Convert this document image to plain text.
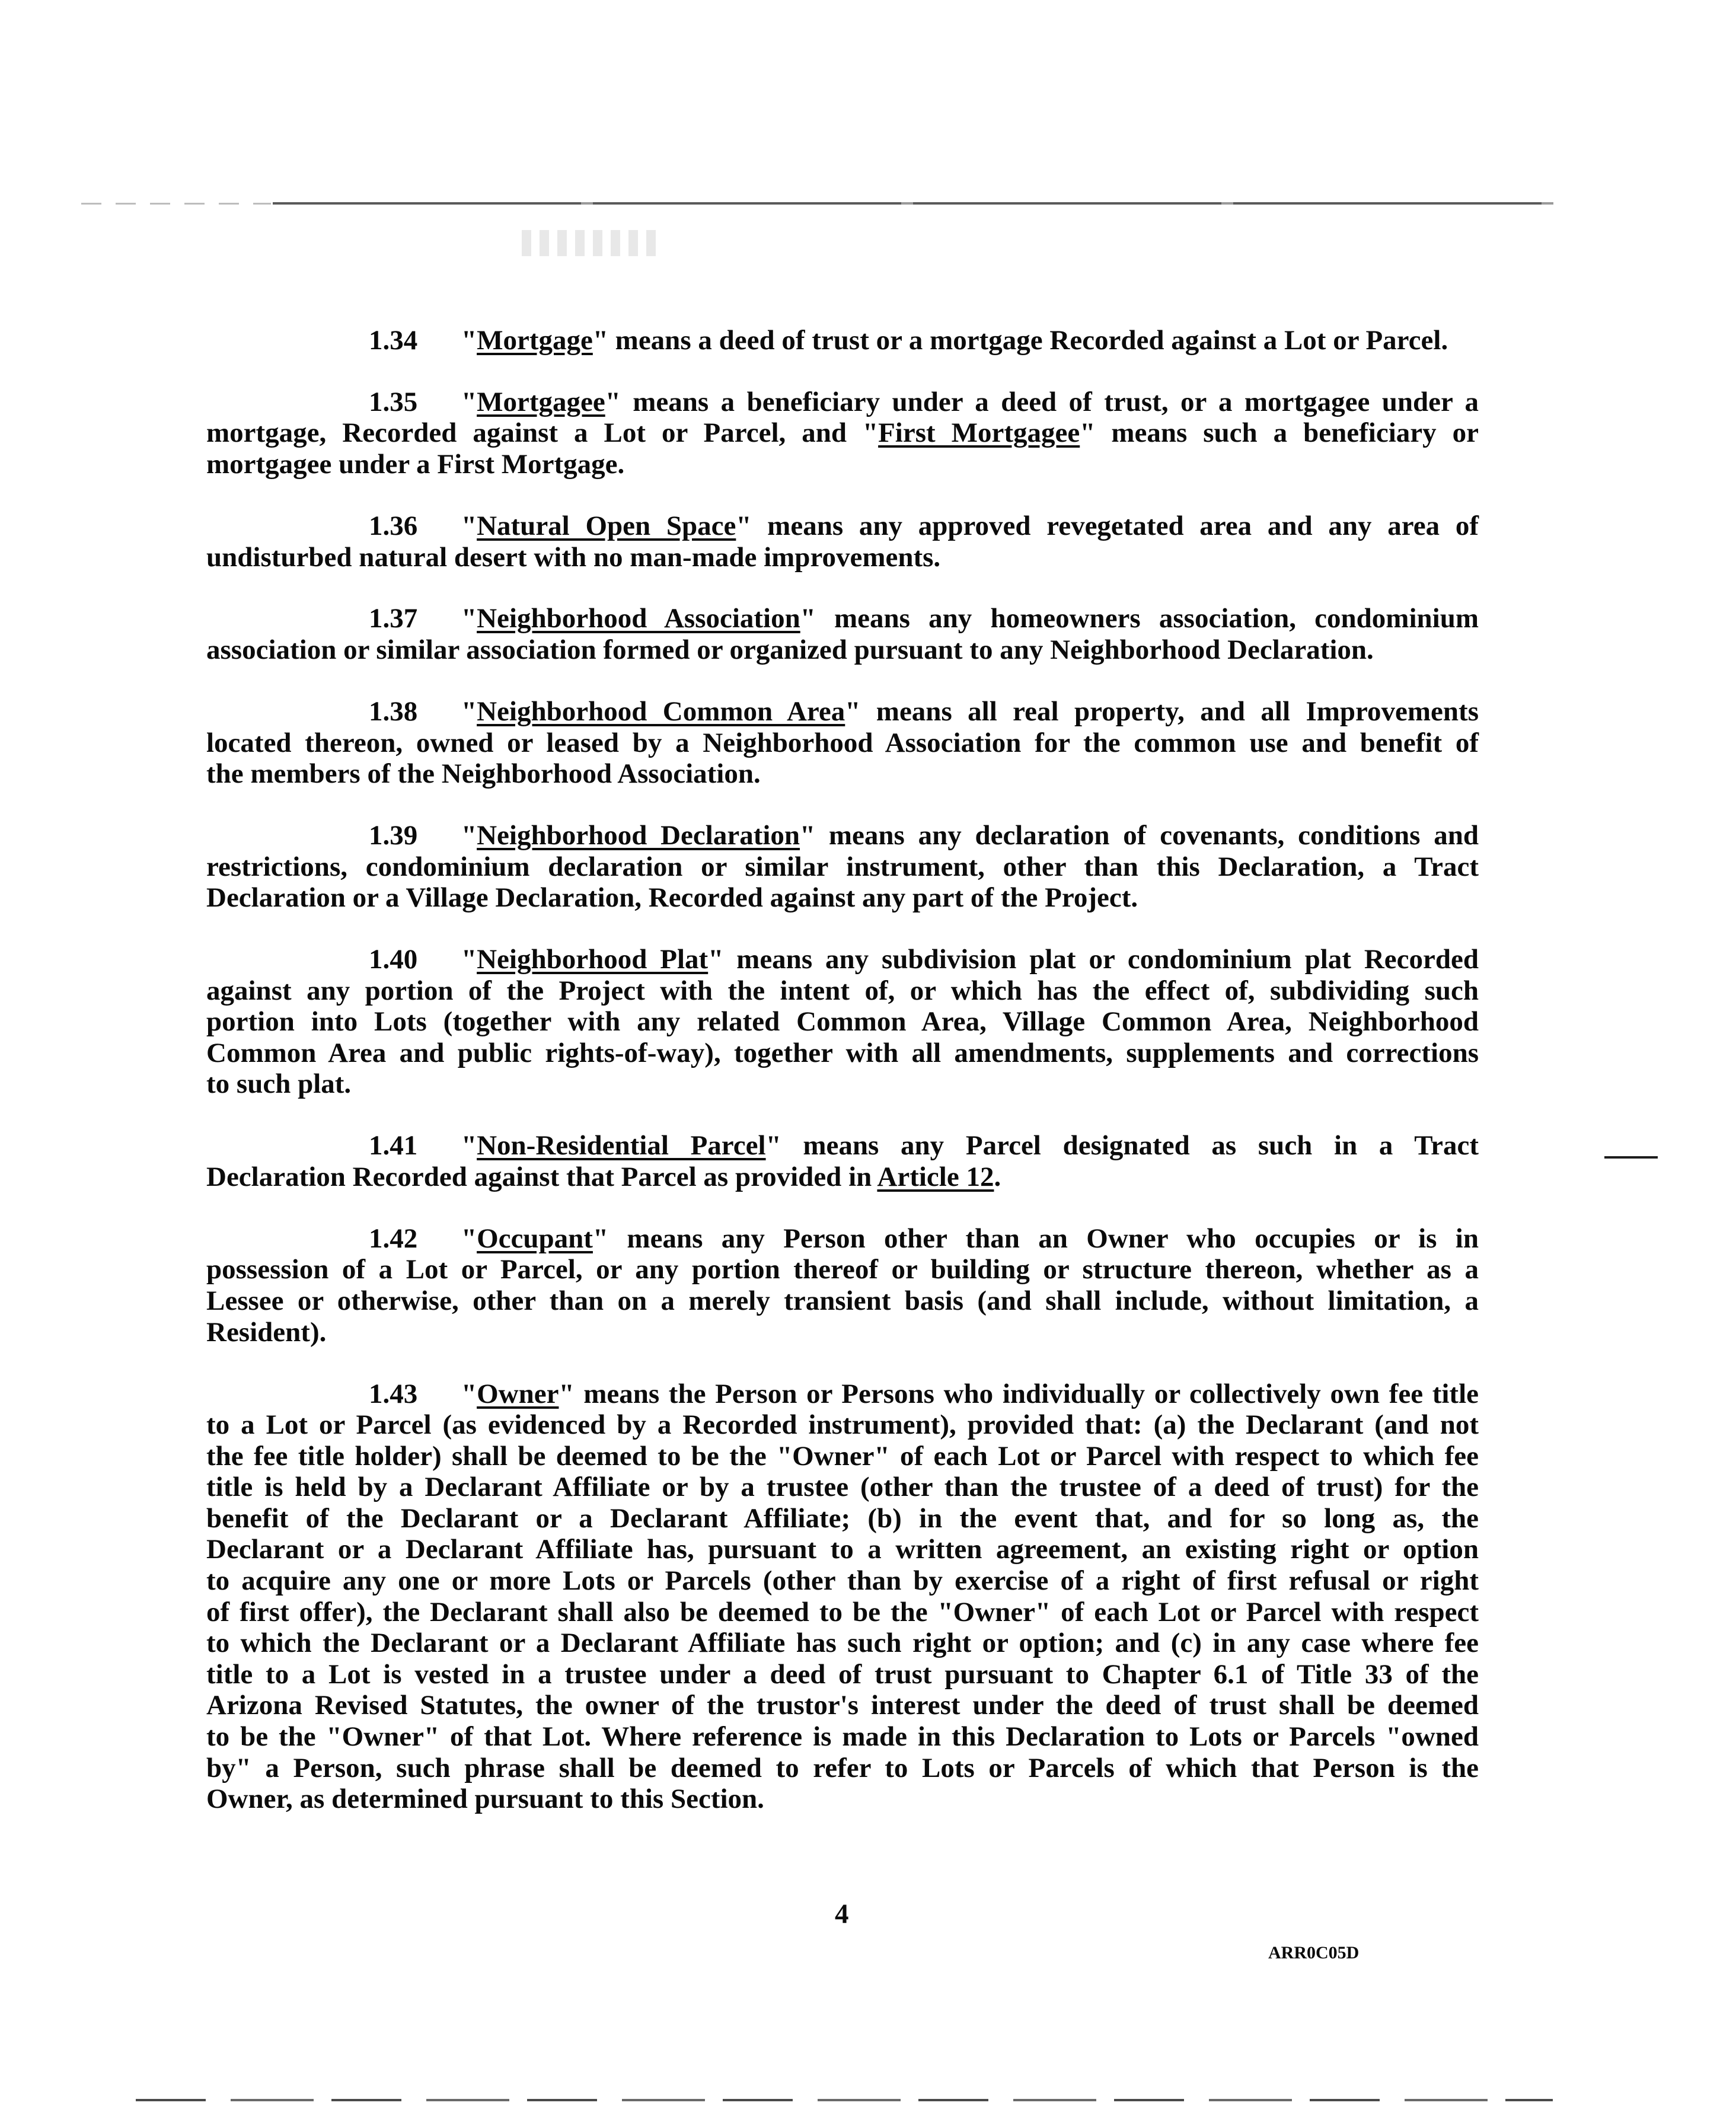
1.34 "Mortgage" means a deed of trust or a mortgage Recorded against a Lot or Parcel.
1.35 "Mortgagee" means a beneficiary under a deed of trust, or a mortgagee under a
mortgage, Recorded against a Lot or Parcel, and "First Mortgagee" means such a beneficiary or
mortgagee under a First Mortgage.
1.36 "Natural Open Space" means any approved revegetated area and any area of
undisturbed natural desert with no man-made improvements.
1.37 "Neighborhood Association" means any homeowners association, condominium
association or similar association formed or organized pursuant to any Neighborhood Declaration.
1.38 "Neighborhood Common Area" means all real property, and all Improvements
located thereon, owned or leased by a Neighborhood Association for the common use and benefit of
the members of the Neighborhood Association.
1.39 "Neighborhood Declaration" means any declaration of covenants, conditions and
restrictions, condominium declaration or similar instrument, other than this Declaration, a Tract
Declaration or a Village Declaration, Recorded against any part of the Project.
1.40 "Neighborhood Plat" means any subdivision plat or condominium plat Recorded
against any portion of the Project with the intent of, or which has the effect of, subdividing such
portion into Lots (together with any related Common Area, Village Common Area, Neighborhood
Common Area and public rights-of-way), together with all amendments, supplements and corrections
to such plat.
1.41 "Non-Residential Parcel" means any Parcel designated as such in a Tract
Declaration Recorded against that Parcel as provided in Article 12.
1.42 "Occupant" means any Person other than an Owner who occupies or is in
possession of a Lot or Parcel, or any portion thereof or building or structure thereon, whether as a
Lessee or otherwise, other than on a merely transient basis (and shall include, without limitation, a
Resident).
1.43 "Owner" means the Person or Persons who individually or collectively own fee title
to a Lot or Parcel (as evidenced by a Recorded instrument), provided that: (a) the Declarant (and not
the fee title holder) shall be deemed to be the "Owner" of each Lot or Parcel with respect to which fee
title is held by a Declarant Affiliate or by a trustee (other than the trustee of a deed of trust) for the
benefit of the Declarant or a Declarant Affiliate; (b) in the event that, and for so long as, the
Declarant or a Declarant Affiliate has, pursuant to a written agreement, an existing right or option
to acquire any one or more Lots or Parcels (other than by exercise of a right of first refusal or right
of first offer), the Declarant shall also be deemed to be the "Owner" of each Lot or Parcel with respect
to which the Declarant or a Declarant Affiliate has such right or option; and (c) in any case where fee
title to a Lot is vested in a trustee under a deed of trust pursuant to Chapter 6.1 of Title 33 of the
Arizona Revised Statutes, the owner of the trustor's interest under the deed of trust shall be deemed
to be the "Owner" of that Lot. Where reference is made in this Declaration to Lots or Parcels "owned
by" a Person, such phrase shall be deemed to refer to Lots or Parcels of which that Person is the
Owner, as determined pursuant to this Section.
4
ARR0C05D
